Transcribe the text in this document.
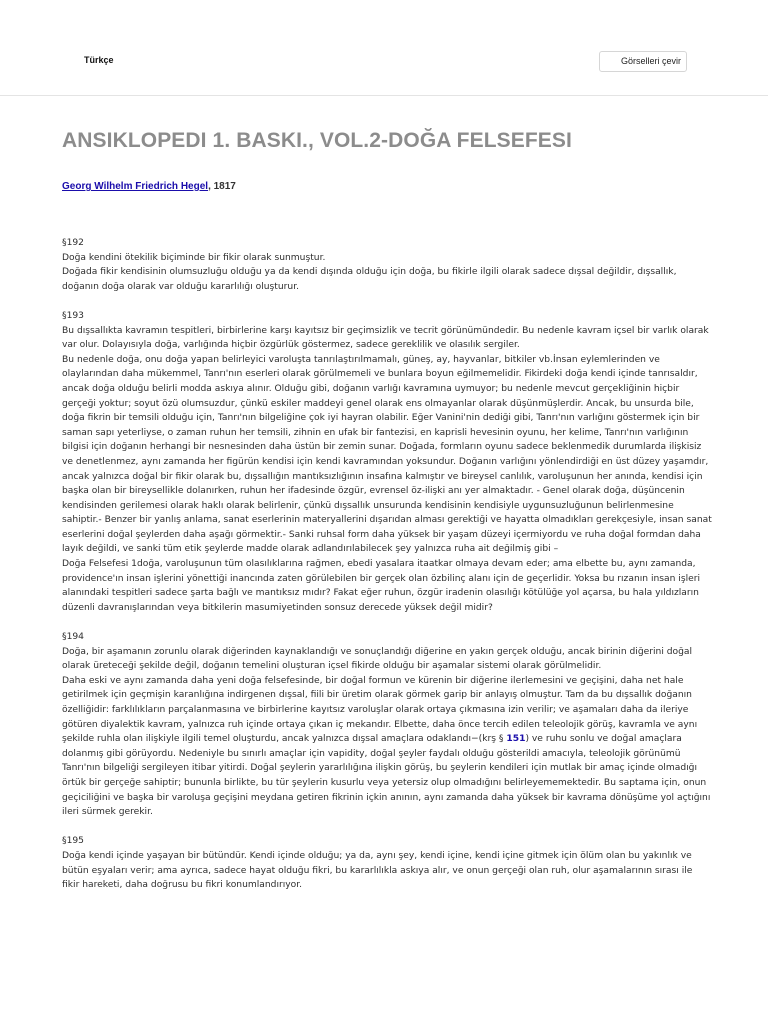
Türkçe	Görselleri çevir
ANSIKLOPEDI 1. BASKI., VOL.2-DOĞA FELSEFESI
Georg Wilhelm Friedrich Hegel, 1817

§192

Doğa kendini ötekilik biçiminde bir fikir olarak sunmuştur.

Doğada fikir kendisinin olumsuzluğu olduğu ya da kendi dışında olduğu için doğa, bu fikirle ilgili olarak sadece dışsal değildir, dışsallık, doğanın doğa olarak var olduğu kararlılığı oluşturur.

§193

Bu dışsallıkta kavramın tespitleri, birbirlerine karşı kayıtsız bir geçimsizlik ve tecrit görünümündedir. Bu nedenle kavram içsel bir varlık olarak var olur. Dolayısıyla doğa, varlığında hiçbir özgürlük göstermez, sadece gereklilik ve olasılık sergiler.

Bu nedenle doğa, onu doğa yapan belirleyici varoluşta tanrılaştırılmamalı, güneş, ay, hayvanlar, bitkiler vb.İnsan eylemlerinden ve olaylarından daha mükemmel, Tanrı'nın eserleri olarak görülmemeli ve bunlara boyun eğilmemelidir. Fikirdeki doğa kendi içinde tanrısaldır, ancak doğa olduğu belirli modda askıya alınır. Olduğu gibi, doğanın varlığı kavramına uymuyor; bu nedenle mevcut gerçekliğinin hiçbir gerçeği yoktur; soyut özü olumsuzdur, çünkü eskiler maddeyi genel olarak ens olmayanlar olarak düşünmüşlerdir. Ancak, bu unsurda bile, doğa fikrin bir temsili olduğu için, Tanrı'nın bilgeliğine çok iyi hayran olabilir. Eğer Vanini'nin dediği gibi, Tanrı'nın varlığını göstermek için bir saman sapı yeterliyse, o zaman ruhun her temsili, zihnin en ufak bir fantezisi, en kaprisli hevesinin oyunu, her kelime, Tanrı'nın varlığının bilgisi için doğanın herhangi bir nesnesinden daha üstün bir zemin sunar. Doğada, formların oyunu sadece beklenmedik durumlarda ilişkisiz ve denetlenmez, aynı zamanda her figürün kendisi için kendi kavramından yoksundur. Doğanın varlığını yönlendirdiği en üst düzey yaşamdır, ancak yalnızca doğal bir fikir olarak bu, dışsallığın mantıksızlığının insafına kalmıştır ve bireysel canlılık, varoluşunun her anında, kendisi için başka olan bir bireysellikle dolanırken, ruhun her ifadesinde özgür, evrensel öz-ilişki anı yer almaktadır. - Genel olarak doğa, düşüncenin kendisinden gerilemesi olarak haklı olarak belirlenir, çünkü dışsallık unsurunda kendisinin kendisiyle uygunsuzluğunun belirlenmesine sahiptir.- Benzer bir yanlış anlama, sanat eserlerinin materyallerini dışarıdan alması gerektiği ve hayatta olmadıkları gerekçesiyle, insan sanat eserlerini doğal şeylerden daha aşağı görmektir.- Sanki ruhsal form daha yüksek bir yaşam düzeyi içermiyordu ve ruha doğal formdan daha layık değildi, ve sanki tüm etik şeylerde madde olarak adlandırılabilecek şey yalnızca ruha ait değilmiş gibi –

Doğa Felsefesi 1doğa, varoluşunun tüm olasılıklarına rağmen, ebedi yasalara itaatkar olmaya devam eder; ama elbette bu, aynı zamanda, providence'ın insan işlerini yönettiği inancında zaten görülebilen bir gerçek olan özbilinç alanı için de geçerlidir. Yoksa bu rızanın insan işleri alanındaki tespitleri sadece şarta bağlı ve mantıksız mıdır? Fakat eğer ruhun, özgür iradenin olasılığı kötülüğe yol açarsa, bu hala yıldızların düzenli davranışlarından veya bitkilerin masumiyetinden sonsuz derecede yüksek değil midir?

§194

Doğa, bir aşamanın zorunlu olarak diğerinden kaynaklandığı ve sonuçlandığı diğerine en yakın gerçek olduğu, ancak birinin diğerini doğal olarak üreteceği şekilde değil, doğanın temelini oluşturan içsel fikirde olduğu bir aşamalar sistemi olarak görülmelidir.

Daha eski ve aynı zamanda daha yeni doğa felsefesinde, bir doğal formun ve kürenin bir diğerine ilerlemesini ve geçişini, daha net hale getirilmek için geçmişin karanlığına indirgenen dışsal, fiili bir üretim olarak görmek garip bir anlayış olmuştur. Tam da bu dışsallık doğanın özelliğidir: farklılıkların parçalanmasına ve birbirlerine kayıtsız varoluşlar olarak ortaya çıkmasına izin verilir; ve aşamaları daha da ileriye götüren diyalektik kavram, yalnızca ruh içinde ortaya çıkan iç mekandır. Elbette, daha önce tercih edilen teleolojik görüş, kavramla ve aynı şekilde ruhla olan ilişkiyle ilgili temel oluşturdu, ancak yalnızca dışsal amaçlara odaklandı−(krş § 151) ve ruhu sonlu ve doğal amaçlara dolanmış gibi görüyordu. Nedeniyle bu sınırlı amaçlar için vapidity, doğal şeyler faydalı olduğu gösterildi amacıyla, teleolojik görünümü Tanrı'nın bilgeliği sergileyen itibar yitirdi. Doğal şeylerin yararlılığına ilişkin görüş, bu şeylerin kendileri için mutlak bir amaç içinde olmadığı örtük bir gerçeğe sahiptir; bununla birlikte, bu tür şeylerin kusurlu veya yetersiz olup olmadığını belirleyememektedir. Bu saptama için, onun geçiciliğini ve başka bir varoluşa geçişini meydana getiren fikrinin içkin anının, aynı zamanda daha yüksek bir kavrama dönüşüme yol açtığını ileri sürmek gerekir.

§195

Doğa kendi içinde yaşayan bir bütündür. Kendi içinde olduğu; ya da, aynı şey, kendi içine, kendi içine gitmek için ölüm olan bu yakınlık ve bütün eşyaları verir; ama ayrıca, sadece hayat olduğu fikri, bu kararlılıkla askıya alır, ve onun gerçeği olan ruh, olur aşamalarının sırası ile fikir hareketi, daha doğrusu bu fikri konumlandırıyor.
